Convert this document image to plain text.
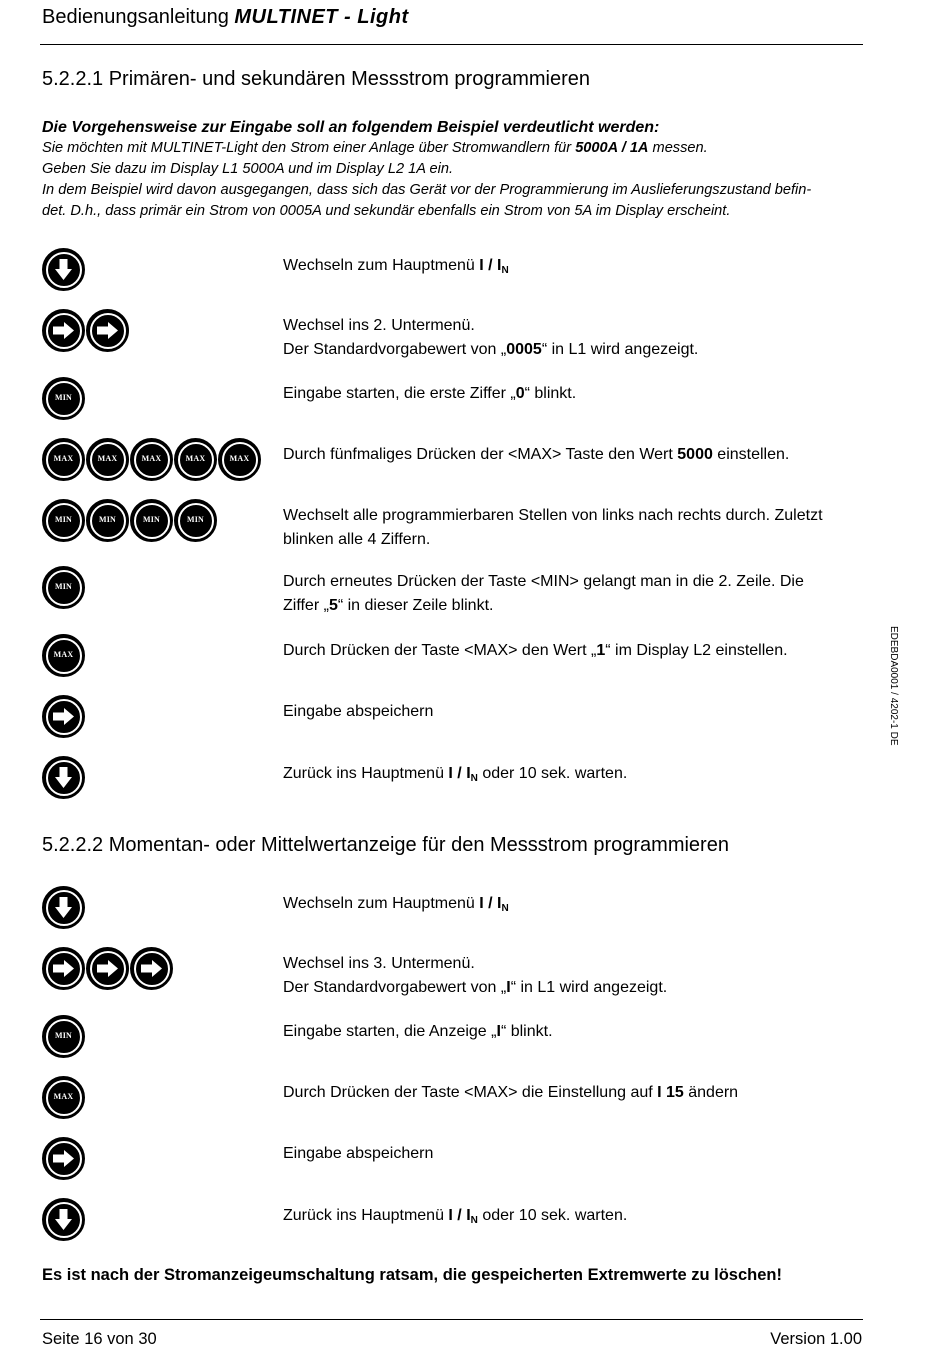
Bedienungsanleitung MULTINET - Light
5.2.2.1 Primären- und sekundären Messstrom programmieren
Die Vorgehensweise zur Eingabe soll an folgendem Beispiel verdeutlicht werden:
Sie möchten mit MULTINET-Light den Strom einer Anlage über Stromwandlern für 5000A / 1A messen.
Geben Sie dazu im Display L1 5000A und im Display L2 1A ein.
In dem Beispiel wird davon ausgegangen, dass sich das Gerät vor der Programmierung im Auslieferungszustand befin-
det. D.h., dass primär ein Strom von 0005A und sekundär ebenfalls ein Strom von 5A im Display erscheint.
Wechseln zum Hauptmenü I / $I_N$
Wechsel ins 2. Untermenü.
Der Standardvorgabewert von „0005“ in L1 wird angezeigt.
MIN	Eingabe starten, die erste Ziffer „0“ blinkt.
MAX	MAX	MAX	MAX	MAX	Durch fünfmaliges Drücken der <MAX> Taste den Wert 5000 einstellen.
MIN	MIN	MIN	MIN	Wechselt alle programmierbaren Stellen von links nach rechts durch. Zuletzt
blinken alle 4 Ziffern.
MIN	Durch erneutes Drücken der Taste <MIN> gelangt man in die 2. Zeile. Die
Ziffer „5“ in dieser Zeile blinkt.
MAX	Durch Drücken der Taste <MAX> den Wert „1“ im Display L2 einstellen.
Eingabe abspeichern
Zurück ins Hauptmenü I / $I_N$ oder 10 sek. warten.
EDEBDA0001 / 4202-1 DE
5.2.2.2 Momentan- oder Mittelwertanzeige für den Messstrom programmieren
Wechseln zum Hauptmenü I / $I_N$
Wechsel ins 3. Untermenü.
Der Standardvorgabewert von „I“ in L1 wird angezeigt.
MIN	Eingabe starten, die Anzeige „I“ blinkt.
MAX	Durch Drücken der Taste <MAX> die Einstellung auf I 15 ändern
Eingabe abspeichern
Zurück ins Hauptmenü I / $I_N$ oder 10 sek. warten.
Es ist nach der Stromanzeigeumschaltung ratsam, die gespeicherten Extremwerte zu löschen!
Seite 16 von 30	Version 1.00
